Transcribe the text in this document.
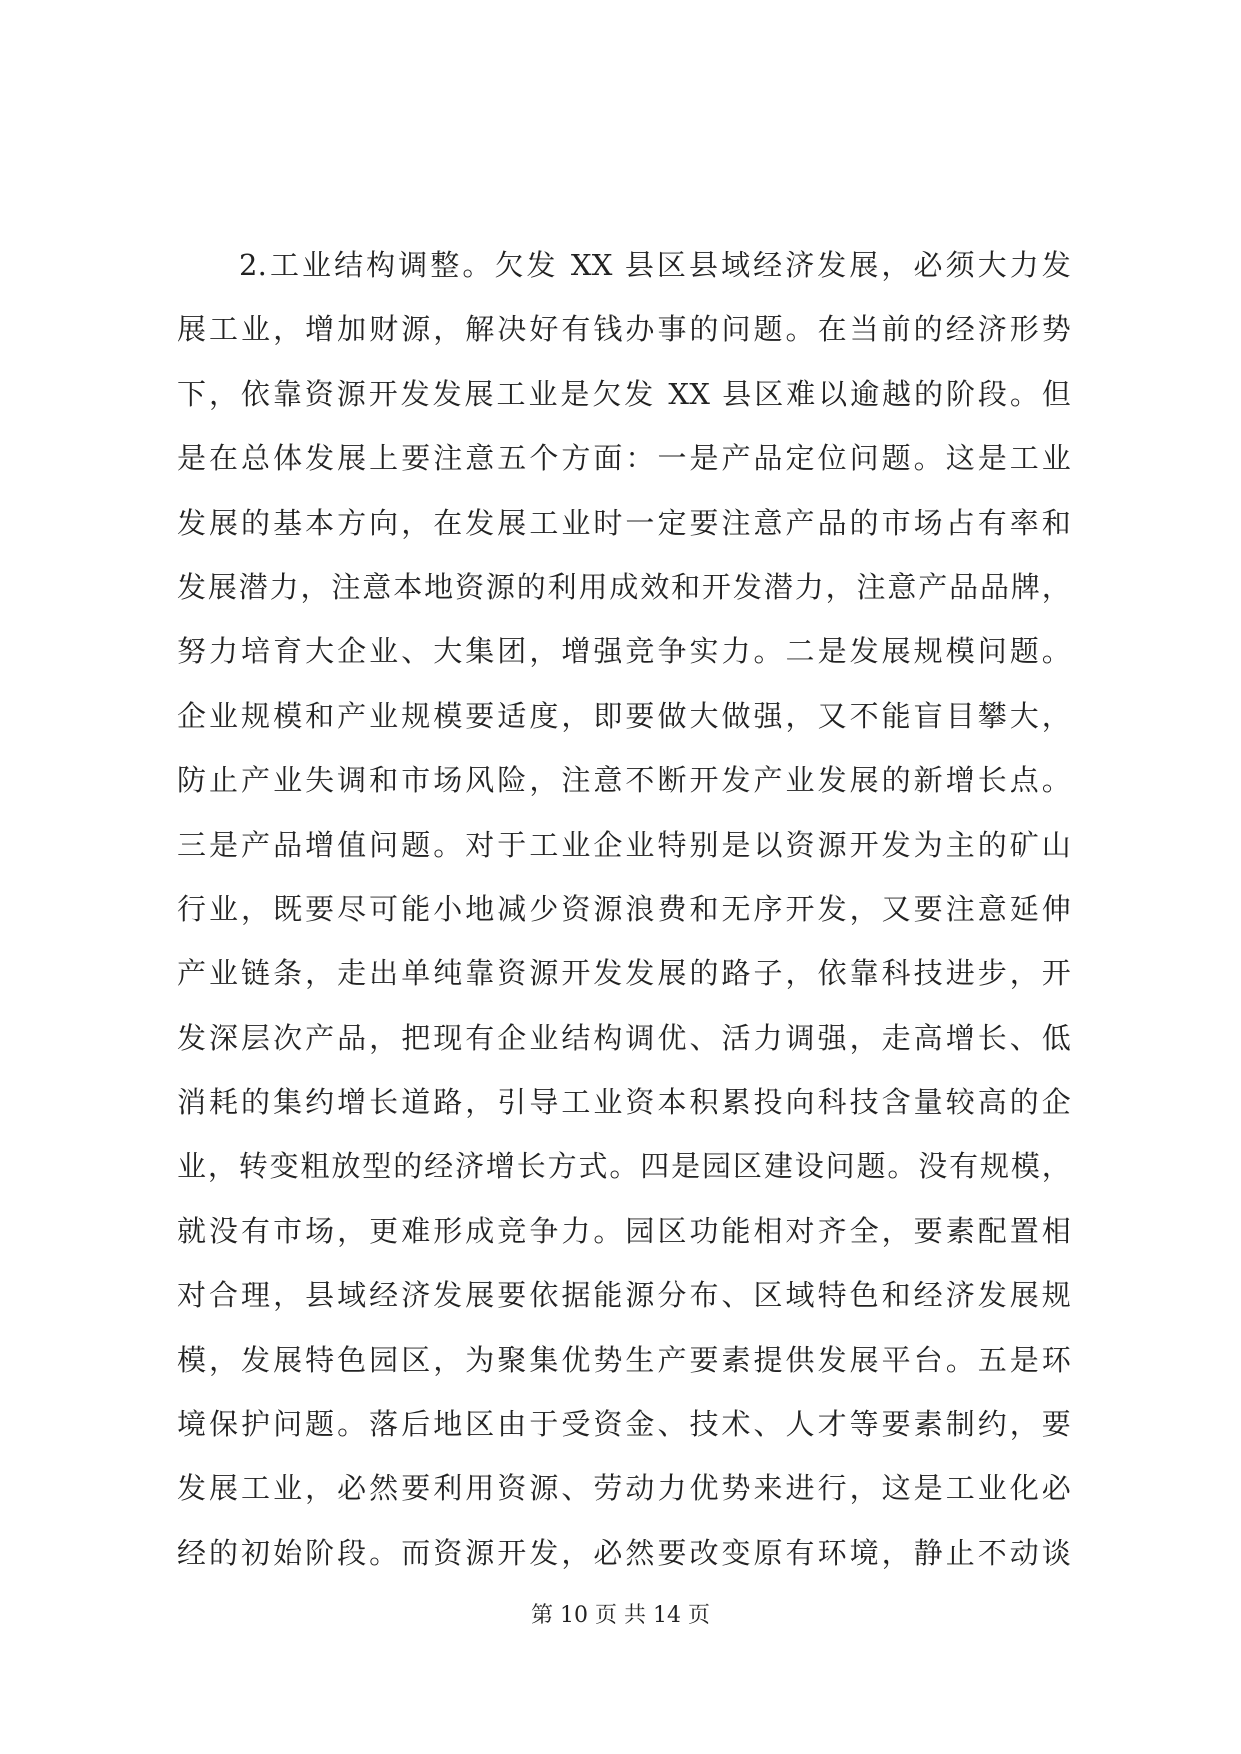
2.工业结构调整。欠发 XX 县区县域经济发展，必须大力发
展工业，增加财源，解决好有钱办事的问题。在当前的经济形势
下，依靠资源开发发展工业是欠发 XX 县区难以逾越的阶段。但
是在总体发展上要注意五个方面：一是产品定位问题。这是工业
发展的基本方向，在发展工业时一定要注意产品的市场占有率和
发展潜力，注意本地资源的利用成效和开发潜力，注意产品品牌，
努力培育大企业、大集团，增强竞争实力。二是发展规模问题。
企业规模和产业规模要适度，即要做大做强，又不能盲目攀大，
防止产业失调和市场风险，注意不断开发产业发展的新增长点。
三是产品增值问题。对于工业企业特别是以资源开发为主的矿山
行业，既要尽可能小地减少资源浪费和无序开发，又要注意延伸
产业链条，走出单纯靠资源开发发展的路子，依靠科技进步，开
发深层次产品，把现有企业结构调优、活力调强，走高增长、低
消耗的集约增长道路，引导工业资本积累投向科技含量较高的企
业，转变粗放型的经济增长方式。四是园区建设问题。没有规模，
就没有市场，更难形成竞争力。园区功能相对齐全，要素配置相
对合理，县域经济发展要依据能源分布、区域特色和经济发展规
模，发展特色园区，为聚集优势生产要素提供发展平台。五是环
境保护问题。落后地区由于受资金、技术、人才等要素制约，要
发展工业，必然要利用资源、劳动力优势来进行，这是工业化必
经的初始阶段。而资源开发，必然要改变原有环境，静止不动谈
第 10 页 共 14 页
